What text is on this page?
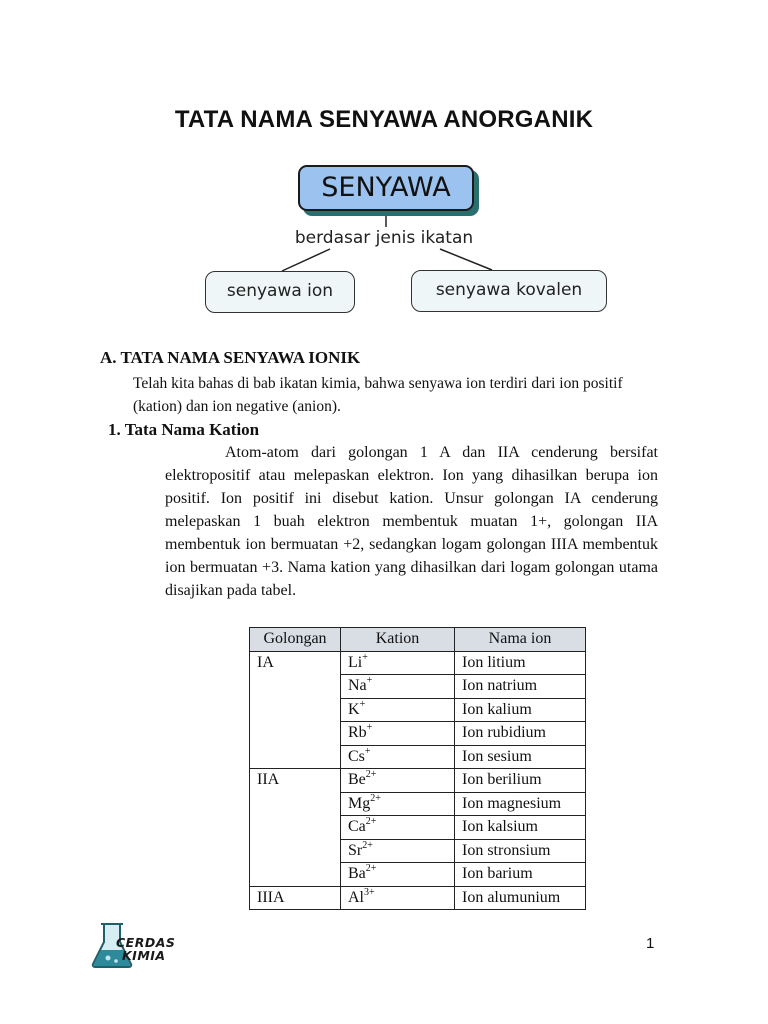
TATA NAMA SENYAWA ANORGANIK
SENYAWA
berdasar jenis ikatan
senyawa ion	senyawa kovalen
A. TATA NAMA SENYAWA IONIK
Telah kita bahas di bab ikatan kimia, bahwa senyawa ion terdiri dari ion positif (kation) dan ion negative (anion).
1. Tata Nama Kation
Atom-atom dari golongan 1 A dan IIA cenderung bersifat elektropositif atau melepaskan elektron. Ion yang dihasilkan berupa ion positif. Ion positif ini disebut kation. Unsur golongan IA cenderung melepaskan 1 buah elektron membentuk muatan 1+, golongan IIA membentuk ion bermuatan +2, sedangkan logam golongan IIIA membentuk ion bermuatan +3. Nama kation yang dihasilkan dari logam golongan utama disajikan pada tabel.
Golongan	Kation	Nama ion
IA	Li+	Ion litium
	Na+	Ion natrium
	K+	Ion kalium
	Rb+	Ion rubidium
	Cs+	Ion sesium
IIA	$Be^{2+}$	Ion berilium
	$Mg^{2+}$	Ion magnesium
	$Ca^{2+}$	Ion kalsium
	$Sr^{2+}$	Ion stronsium
	$Ba^{2+}$	Ion barium
IIIA	$Al^{3+}$	Ion alumunium
CERDAS
KIMIA
1
